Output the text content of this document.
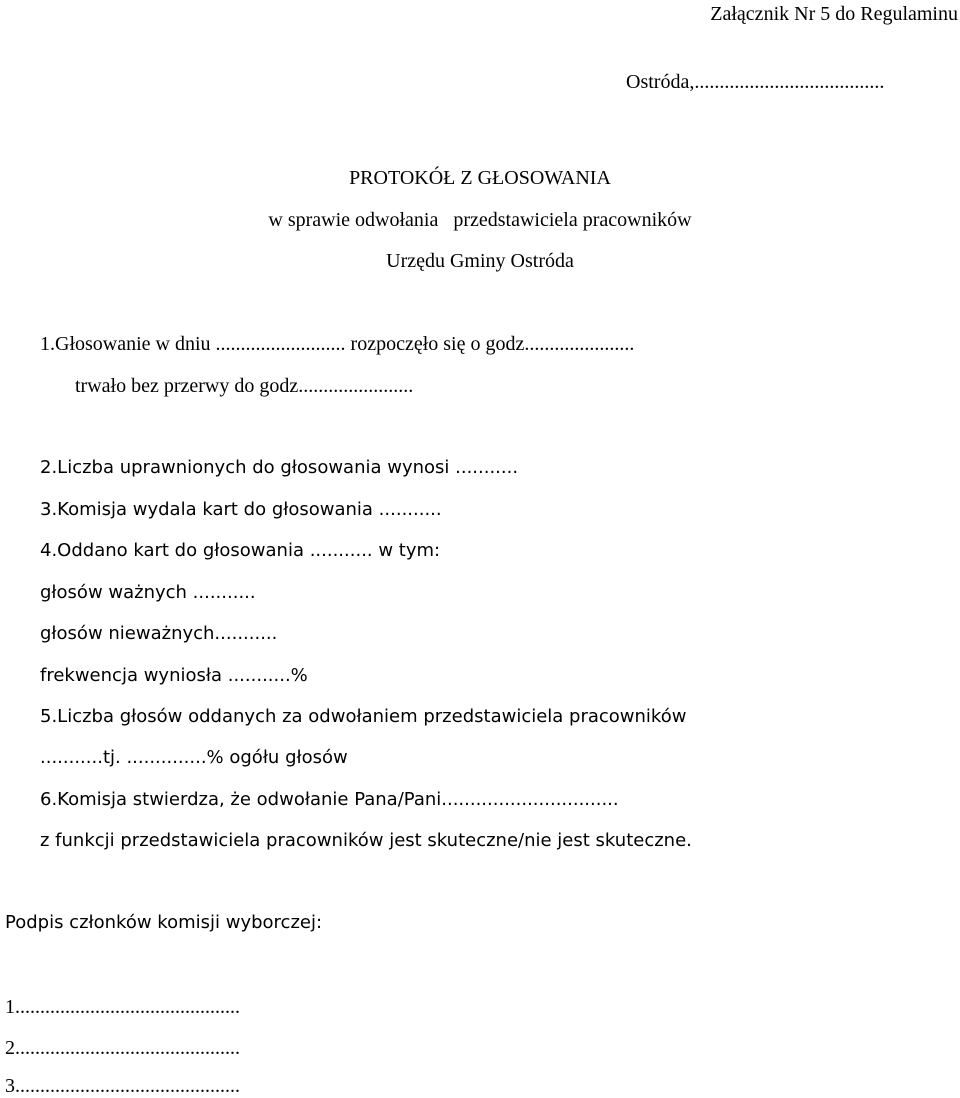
Załącznik Nr 5 do Regulaminu
Ostróda,......................................
PROTOKÓŁ Z GŁOSOWANIA
w sprawie odwołania   przedstawiciela pracowników
Urzędu Gminy Ostróda
1.Głosowanie w dniu .......................... rozpoczęło się o godz......................
trwało bez przerwy do godz.......................
2.Liczba uprawnionych do głosowania wynosi ...........
3.Komisja wydala kart do głosowania ...........
4.Oddano kart do głosowania ........... w tym:
głosów ważnych ...........
głosów nieważnych...........
frekwencja wyniosła ...........%
5.Liczba głosów oddanych za odwołaniem przedstawiciela pracowników
...........tj. ..............% ogółu głosów
6.Komisja stwierdza, że odwołanie Pana/Pani...............................
z funkcji przedstawiciela pracowników jest skuteczne/nie jest skuteczne.
Podpis członków komisji wyborczej:
1.............................................
2.............................................
3.............................................
